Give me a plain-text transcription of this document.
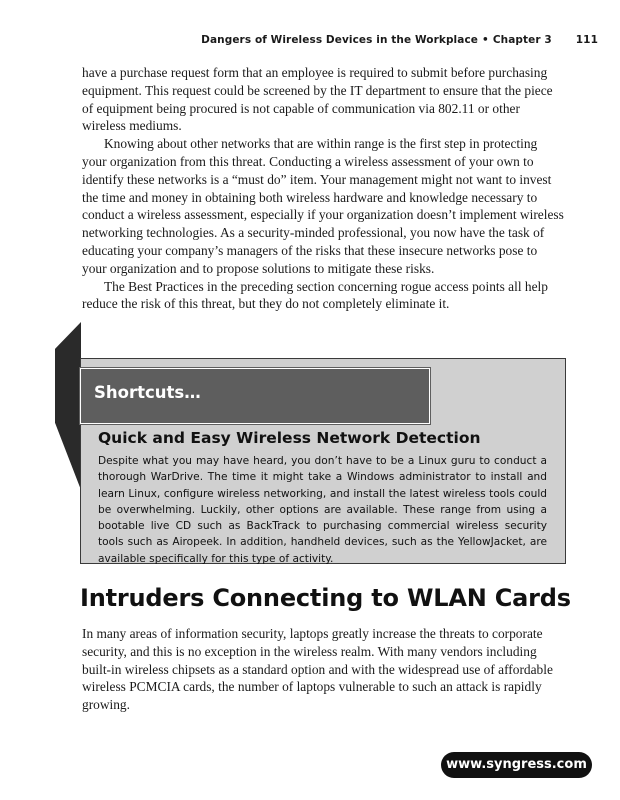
Dangers of Wireless Devices in the Workplace • Chapter 3 111

have a purchase request form that an employee is required to submit before purchasing equipment. This request could be screened by the IT department to ensure that the piece of equipment being procured is not capable of communication via 802.11 or other wireless mediums.

Knowing about other networks that are within range is the first step in protecting your organization from this threat. Conducting a wireless assessment of your own to identify these networks is a “must do” item. Your management might not want to invest the time and money in obtaining both wireless hardware and knowledge necessary to conduct a wireless assessment, especially if your organization doesn’t implement wireless networking technologies. As a security-minded professional, you now have the task of educating your company’s managers of the risks that these insecure networks pose to your organization and to propose solutions to mitigate these risks.

The Best Practices in the preceding section concerning rogue access points all help reduce the risk of this threat, but they do not completely eliminate it.

Shortcuts…
Quick and Easy Wireless Network Detection

Despite what you may have heard, you don’t have to be a Linux guru to conduct a thorough WarDrive. The time it might take a Windows administrator to install and learn Linux, configure wireless networking, and install the latest wireless tools could be overwhelming. Luckily, other options are available. These range from using a bootable live CD such as BackTrack to purchasing commercial wireless security tools such as Airopeek. In addition, handheld devices, such as the YellowJacket, are available specifically for this type of activity.

Intruders Connecting to WLAN Cards

In many areas of information security, laptops greatly increase the threats to corporate security, and this is no exception in the wireless realm. With many vendors including built-in wireless chipsets as a standard option and with the widespread use of affordable wireless PCMCIA cards, the number of laptops vulnerable to such an attack is rapidly growing.

www.syngress.com
